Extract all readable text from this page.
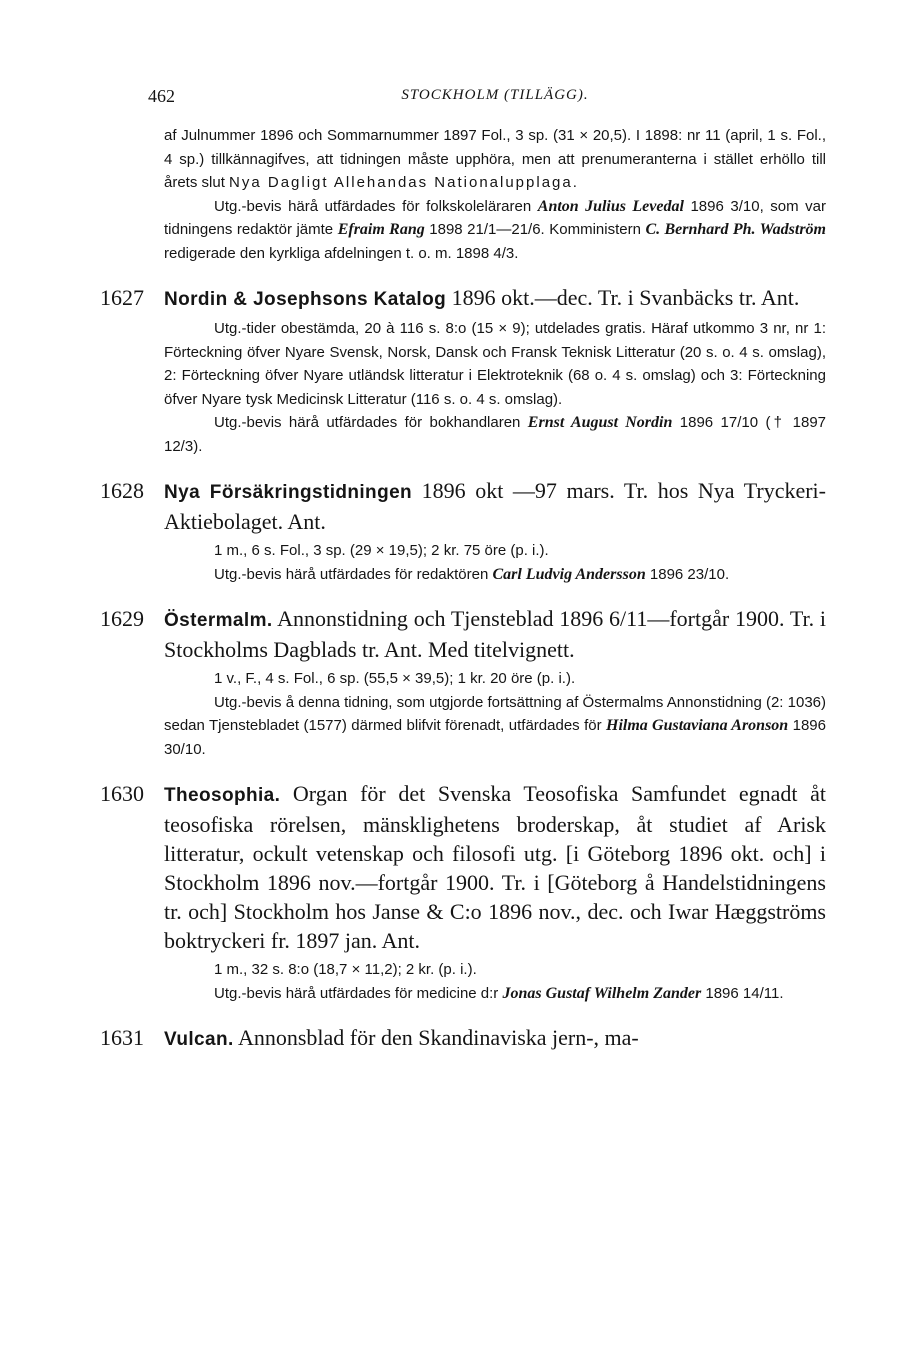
462	STOCKHOLM (TILLÄGG).

af Julnummer 1896 och Sommarnummer 1897 Fol., 3 sp. (31 × 20,5). I 1898: nr 11 (april, 1 s. Fol., 4 sp.) tillkännagifves, att tidningen måste upphöra, men att prenumeranterna i stället erhöllo till årets slut Nya Dagligt Allehandas Nationalupplaga.

Utg.-bevis härå utfärdades för folkskoleläraren Anton Julius Levedal 1896 3/10, som var tidningens redaktör jämte Efraim Rang 1898 21/1—21/6. Komministern C. Bernhard Ph. Wadström redigerade den kyrkliga afdelningen t. o. m. 1898 4/3.

1627 Nordin & Josephsons Katalog 1896 okt.—dec. Tr. i Svanbäcks tr. Ant.

Utg.-tider obestämda, 20 à 116 s. 8:o (15 × 9); utdelades gratis. Häraf utkommo 3 nr, nr 1: Förteckning öfver Nyare Svensk, Norsk, Dansk och Fransk Teknisk Litteratur (20 s. o. 4 s. omslag), 2: Förteckning öfver Nyare utländsk litteratur i Elektroteknik (68 o. 4 s. omslag) och 3: Förteckning öfver Nyare tysk Medicinsk Litteratur (116 s. o. 4 s. omslag).

Utg.-bevis härå utfärdades för bokhandlaren Ernst August Nordin 1896 17/10 († 1897 12/3).

1628 Nya Försäkringstidningen 1896 okt —97 mars. Tr. hos Nya Tryckeri-Aktiebolaget. Ant.

1 m., 6 s. Fol., 3 sp. (29 × 19,5); 2 kr. 75 öre (p. i.).

Utg.-bevis härå utfärdades för redaktören Carl Ludvig Andersson 1896 23/10.

1629 Östermalm. Annonstidning och Tjensteblad 1896 6/11—fortgår 1900. Tr. i Stockholms Dagblads tr. Ant. Med titelvignett.

1 v., F., 4 s. Fol., 6 sp. (55,5 × 39,5); 1 kr. 20 öre (p. i.).

Utg.-bevis å denna tidning, som utgjorde fortsättning af Östermalms Annonstidning (2: 1036) sedan Tjenstebladet (1577) därmed blifvit förenadt, utfärdades för Hilma Gustaviana Aronson 1896 30/10.

1630 Theosophia. Organ för det Svenska Teosofiska Samfundet egnadt åt teosofiska rörelsen, mänsklighetens broderskap, åt studiet af Arisk litteratur, ockult vetenskap och filosofi utg. [i Göteborg 1896 okt. och] i Stockholm 1896 nov.—fortgår 1900. Tr. i [Göteborg å Handelstidningens tr. och] Stockholm hos Janse & C:o 1896 nov., dec. och Iwar Hæggströms boktryckeri fr. 1897 jan. Ant.

1 m., 32 s. 8:o (18,7 × 11,2); 2 kr. (p. i.).

Utg.-bevis härå utfärdades för medicine d:r Jonas Gustaf Wilhelm Zander 1896 14/11.

1631 Vulcan. Annonsblad för den Skandinaviska jern-, ma-
